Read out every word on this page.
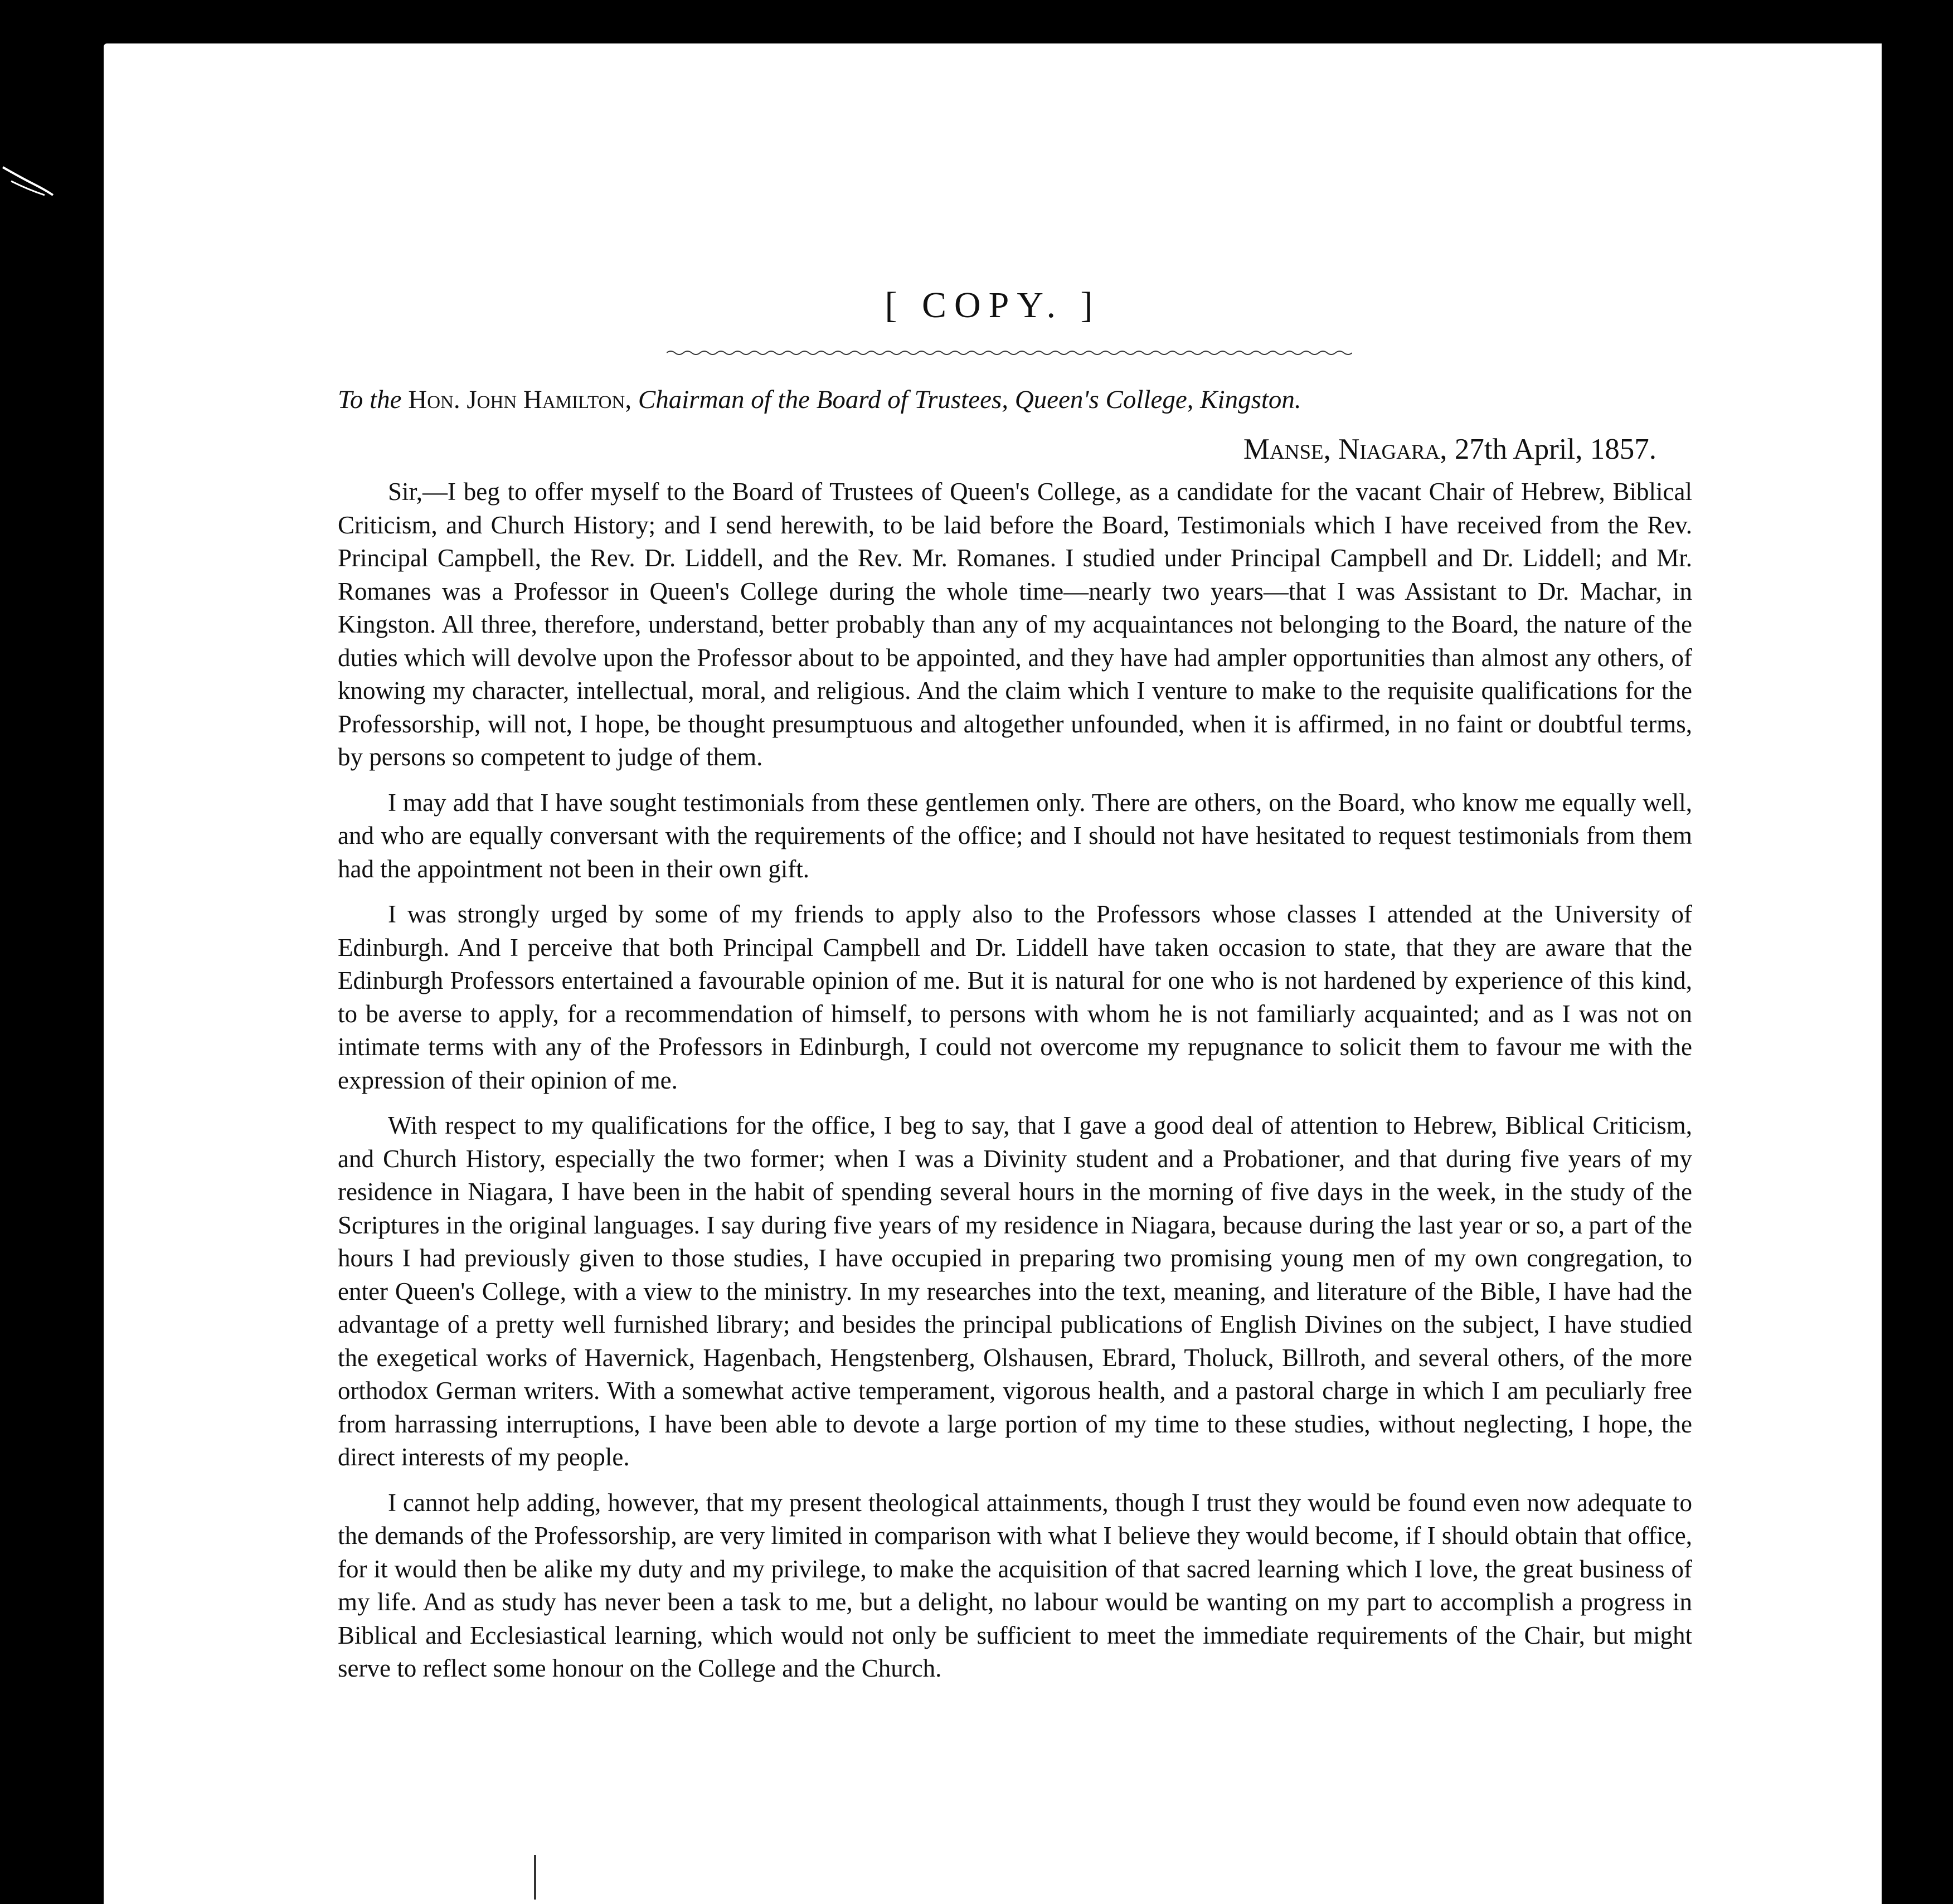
[ COPY. ]
To the Hon. John Hamilton, Chairman of the Board of Trustees, Queen's College, Kingston.
Manse, Niagara, 27th April, 1857.

Sir,—I beg to offer myself to the Board of Trustees of Queen's College, as a candidate for the vacant Chair of Hebrew, Biblical Criticism, and Church History; and I send herewith, to be laid before the Board, Testimonials which I have received from the Rev. Principal Campbell, the Rev. Dr. Liddell, and the Rev. Mr. Romanes. I studied under Principal Campbell and Dr. Liddell; and Mr. Romanes was a Professor in Queen's College during the whole time—nearly two years—that I was Assistant to Dr. Machar, in Kingston. All three, therefore, understand, better probably than any of my acquaintances not belonging to the Board, the nature of the duties which will devolve upon the Professor about to be appointed, and they have had ampler opportunities than almost any others, of knowing my character, intellectual, moral, and religious. And the claim which I venture to make to the requisite qualifications for the Professorship, will not, I hope, be thought presumptuous and altogether unfounded, when it is affirmed, in no faint or doubtful terms, by persons so competent to judge of them.

I may add that I have sought testimonials from these gentlemen only. There are others, on the Board, who know me equally well, and who are equally conversant with the requirements of the office; and I should not have hesitated to request testimonials from them had the appointment not been in their own gift.

I was strongly urged by some of my friends to apply also to the Professors whose classes I attended at the University of Edinburgh. And I perceive that both Principal Campbell and Dr. Liddell have taken occasion to state, that they are aware that the Edinburgh Professors entertained a favourable opinion of me. But it is natural for one who is not hardened by experience of this kind, to be averse to apply, for a recommendation of himself, to persons with whom he is not familiarly acquainted; and as I was not on intimate terms with any of the Professors in Edinburgh, I could not overcome my repugnance to solicit them to favour me with the expression of their opinion of me.

With respect to my qualifications for the office, I beg to say, that I gave a good deal of attention to Hebrew, Biblical Criticism, and Church History, especially the two former; when I was a Divinity student and a Probationer, and that during five years of my residence in Niagara, I have been in the habit of spending several hours in the morning of five days in the week, in the study of the Scriptures in the original languages. I say during five years of my residence in Niagara, because during the last year or so, a part of the hours I had previously given to those studies, I have occupied in preparing two promising young men of my own congregation, to enter Queen's College, with a view to the ministry. In my researches into the text, meaning, and literature of the Bible, I have had the advantage of a pretty well furnished library; and besides the principal publications of English Divines on the subject, I have studied the exegetical works of Havernick, Hagenbach, Hengstenberg, Olshausen, Ebrard, Tholuck, Billroth, and several others, of the more orthodox German writers. With a somewhat active temperament, vigorous health, and a pastoral charge in which I am peculiarly free from harrassing interruptions, I have been able to devote a large portion of my time to these studies, without neglecting, I hope, the direct interests of my people.

I cannot help adding, however, that my present theological attainments, though I trust they would be found even now adequate to the demands of the Professorship, are very limited in comparison with what I believe they would become, if I should obtain that office, for it would then be alike my duty and my privilege, to make the acquisition of that sacred learning which I love, the great business of my life. And as study has never been a task to me, but a delight, no labour would be wanting on my part to accomplish a progress in Biblical and Ecclesiastical learning, which would not only be sufficient to meet the immediate requirements of the Chair, but might serve to reflect some honour on the College and the Church.
